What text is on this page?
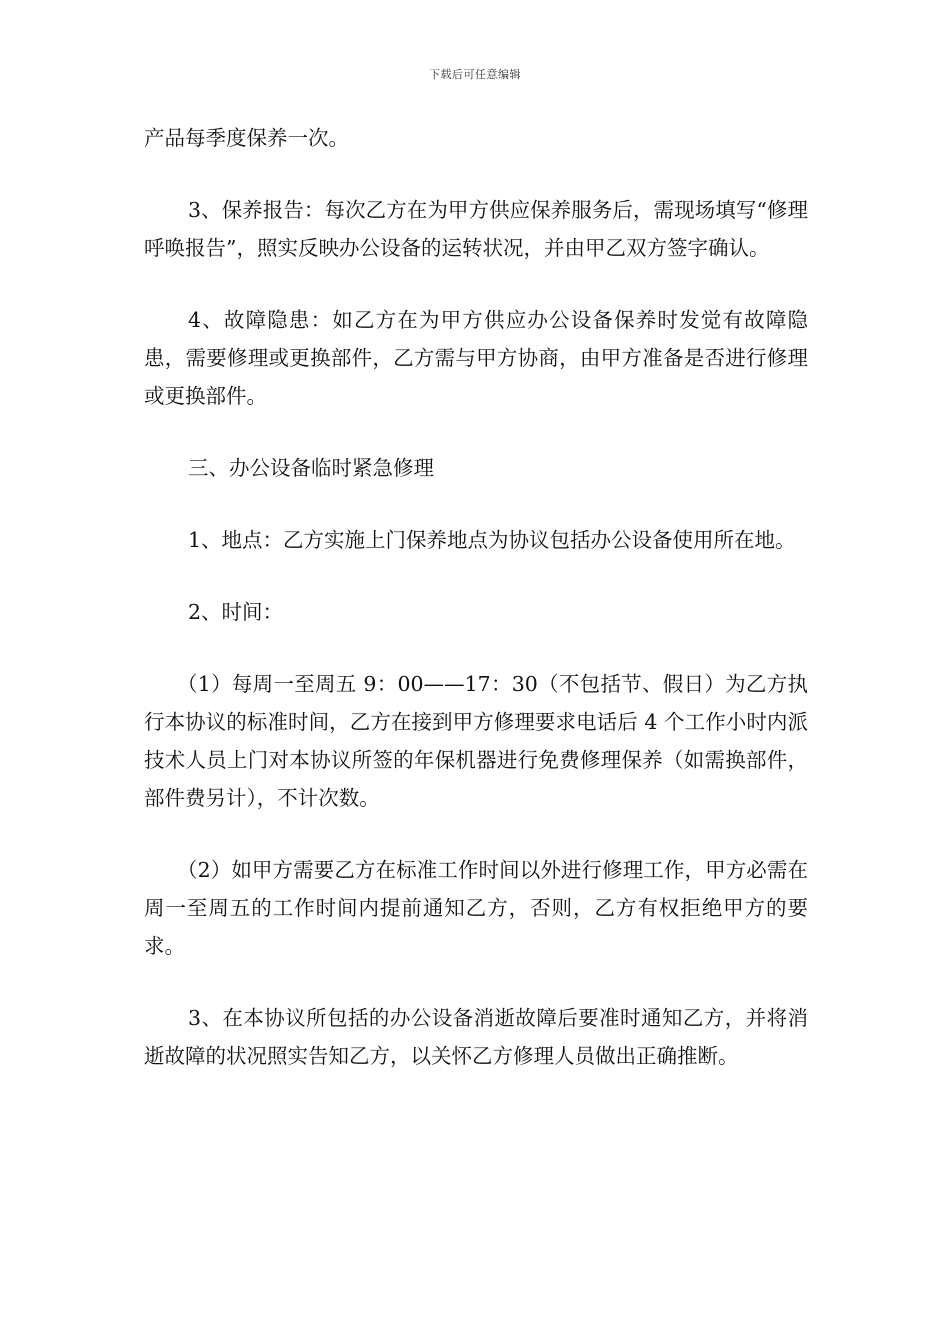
下载后可任意编辑

产品每季度保养一次。

3、保养报告：每次乙方在为甲方供应保养服务后，需现场填写“修理呼唤报告”，照实反映办公设备的运转状况，并由甲乙双方签字确认。

4、故障隐患：如乙方在为甲方供应办公设备保养时发觉有故障隐患，需要修理或更换部件，乙方需与甲方协商，由甲方准备是否进行修理或更换部件。

三、办公设备临时紧急修理

1、地点：乙方实施上门保养地点为协议包括办公设备使用所在地。

2、时间：

（1）每周一至周五 9：00——17：30（不包括节、假日）为乙方执行本协议的标准时间，乙方在接到甲方修理要求电话后 4 个工作小时内派技术人员上门对本协议所签的年保机器进行免费修理保养（如需换部件，部件费另计），不计次数。

（2）如甲方需要乙方在标准工作时间以外进行修理工作，甲方必需在周一至周五的工作时间内提前通知乙方，否则，乙方有权拒绝甲方的要求。

3、在本协议所包括的办公设备消逝故障后要准时通知乙方，并将消逝故障的状况照实告知乙方，以关怀乙方修理人员做出正确推断。
